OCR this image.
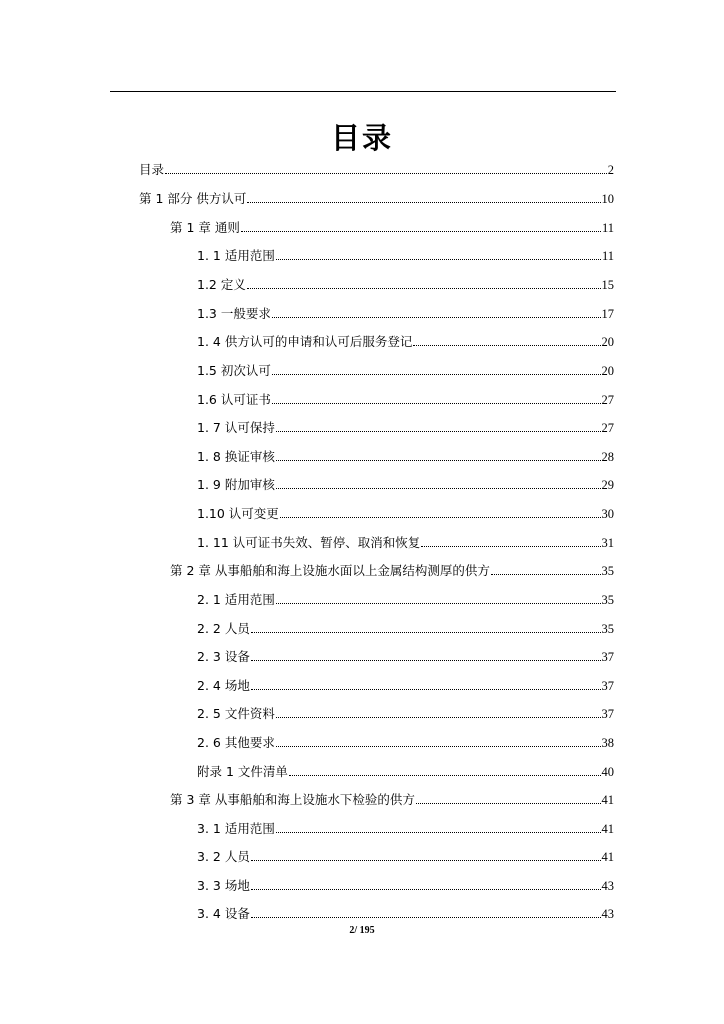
目录
目录	2
第 1 部分 供方认可	10
第 1 章 通则	11
1. 1 适用范围	11
1.2 定义	15
1.3 一般要求	17
1. 4 供方认可的申请和认可后服务登记	20
1.5 初次认可	20
1.6 认可证书	27
1. 7 认可保持	27
1. 8 换证审核	28
1. 9 附加审核	29
1.10 认可变更	30
1. 11 认可证书失效、暂停、取消和恢复	31
第 2 章 从事船舶和海上设施水面以上金属结构测厚的供方	35
2. 1 适用范围	35
2. 2 人员	35
2. 3 设备	37
2. 4 场地	37
2. 5 文件资料	37
2. 6 其他要求	38
附录 1 文件清单	40
第 3 章 从事船舶和海上设施水下检验的供方	41
3. 1 适用范围	41
3. 2 人员	41
3. 3 场地	43
3. 4 设备	43
2/ 195
